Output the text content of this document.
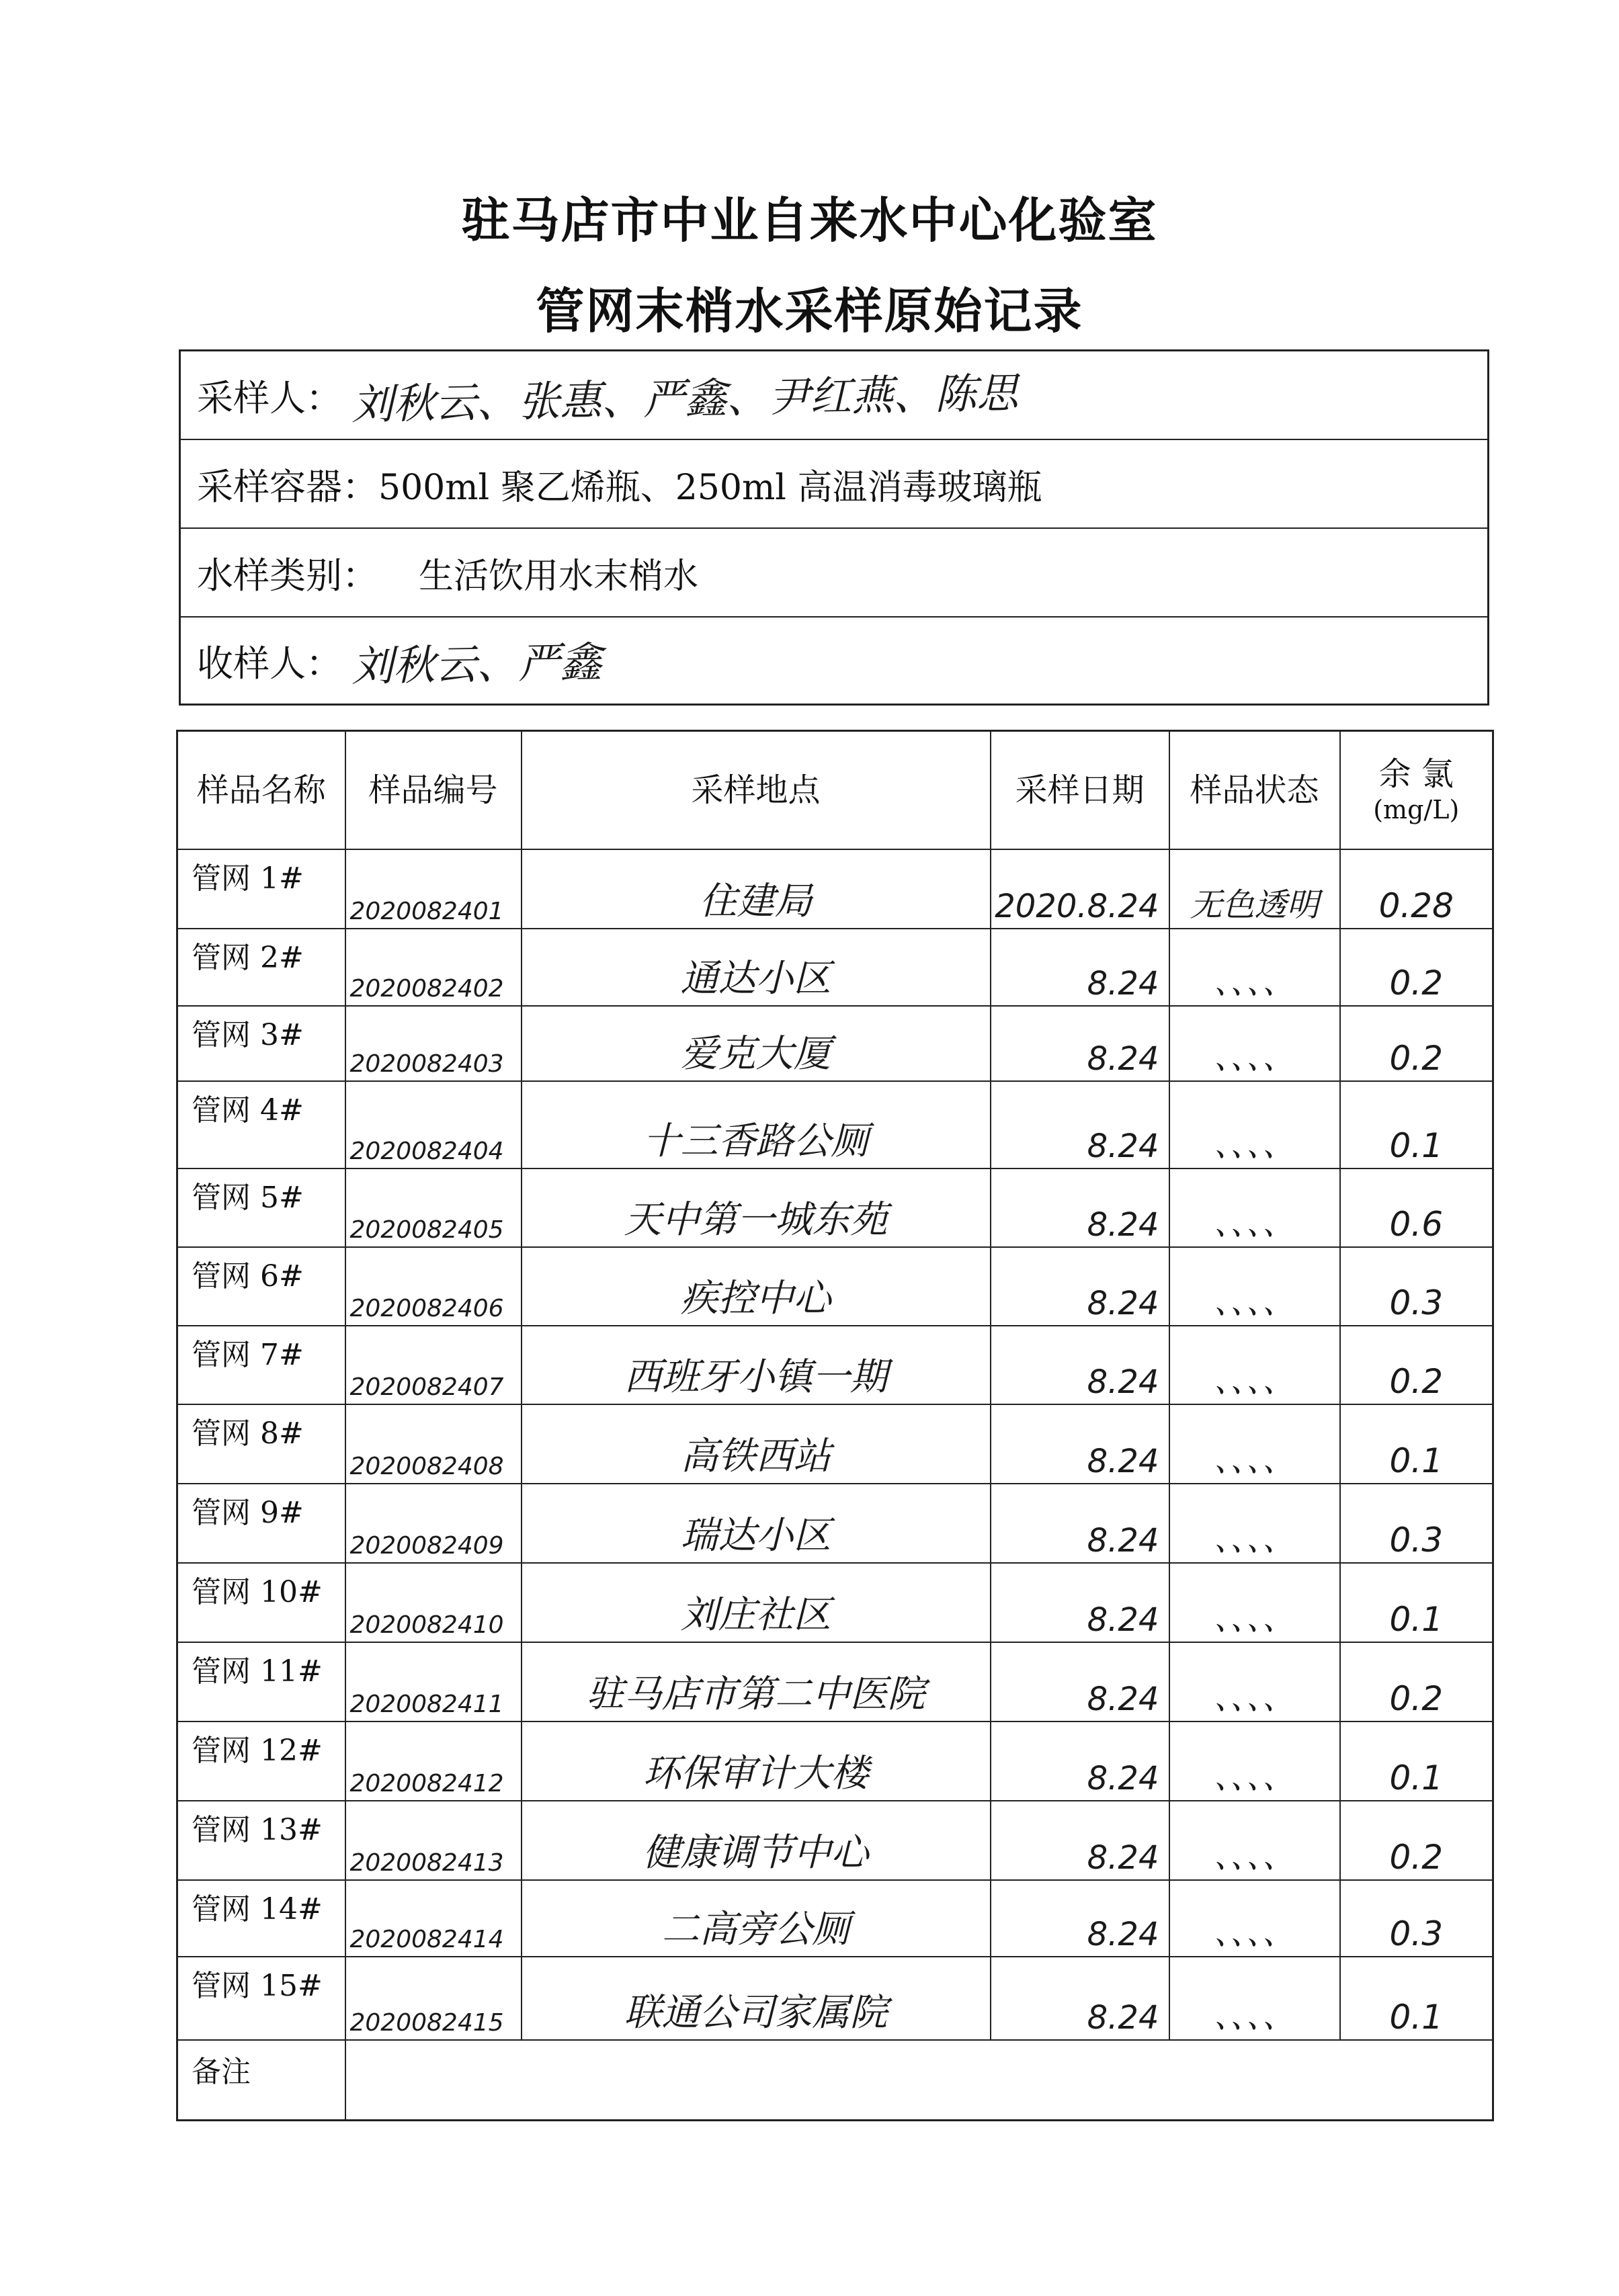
驻马店市中业自来水中心化验室
管网末梢水采样原始记录
采样人： 刘秋云、张惠、严鑫、尹红燕、陈思
采样容器： 500ml 聚乙烯瓶、250ml 高温消毒玻璃瓶
水样类别：	生活饮用水末梢水
收样人： 刘秋云、严鑫
样品名称	样品编号	采样地点	采样日期	样品状态	余 氯
(mg/L)

管网 1#	2020082401	住建局	2020.8.24	无色透明	0.28
管网 2#	2020082402	通达小区	8.24	、、、、	0.2
管网 3#	2020082403	爱克大厦	8.24	、、、、	0.2
管网 4#	2020082404	十三香路公厕	8.24	、、、、	0.1
管网 5#	2020082405	天中第一城东苑	8.24	、、、、	0.6
管网 6#	2020082406	疾控中心	8.24	、、、、	0.3
管网 7#	2020082407	西班牙小镇一期	8.24	、、、、	0.2
管网 8#	2020082408	高铁西站	8.24	、、、、	0.1
管网 9#	2020082409	瑞达小区	8.24	、、、、	0.3
管网 10#	2020082410	刘庄社区	8.24	、、、、	0.1
管网 11#	2020082411	驻马店市第二中医院	8.24	、、、、	0.2
管网 12#	2020082412	环保审计大楼	8.24	、、、、	0.1
管网 13#	2020082413	健康调节中心	8.24	、、、、	0.2
管网 14#	2020082414	二高旁公厕	8.24	、、、、	0.3
管网 15#	2020082415	联通公司家属院	8.24	、、、、	0.1
备注					
